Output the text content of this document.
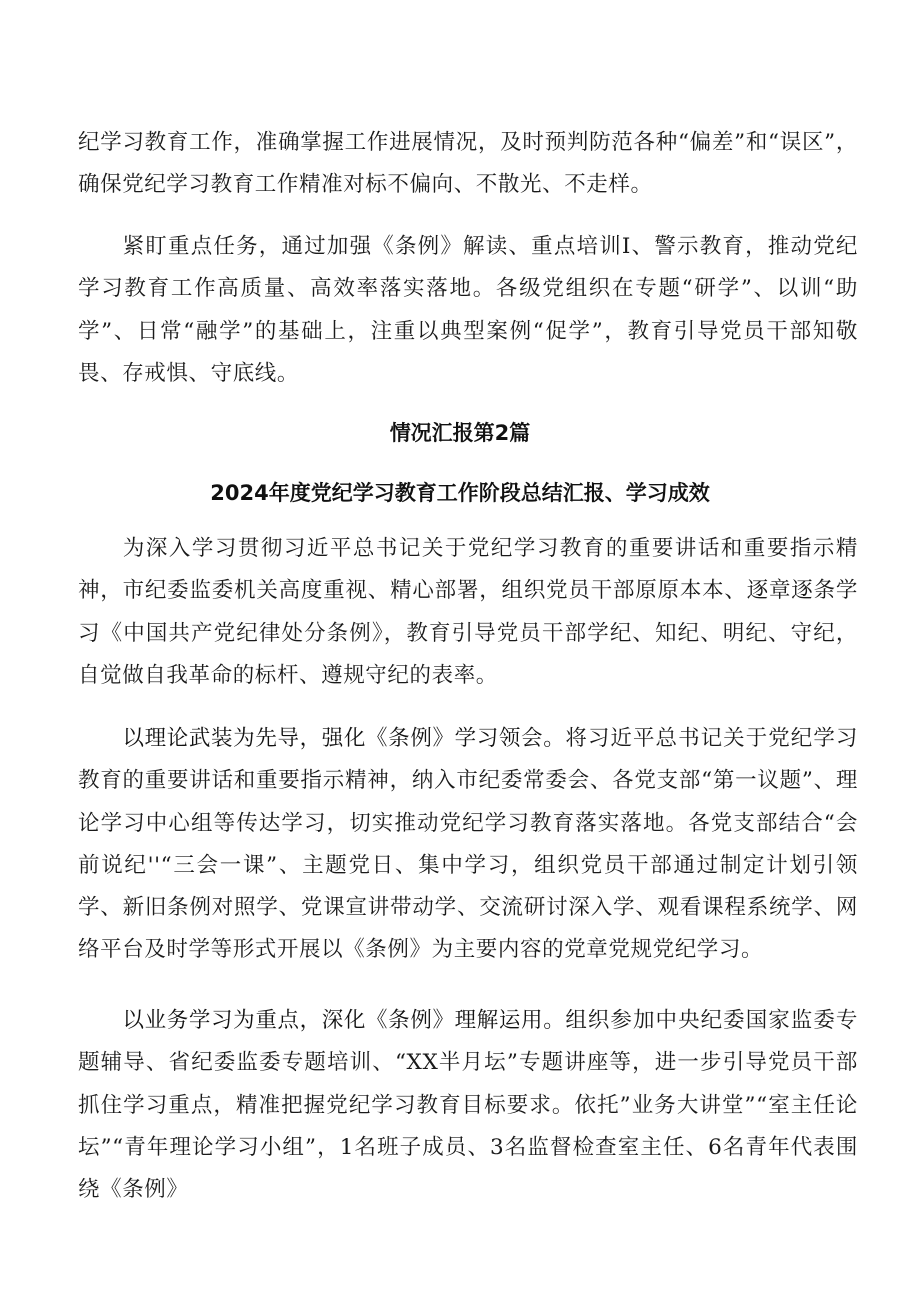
纪学习教育工作，准确掌握工作进展情况，及时预判防范各种“偏差”和“误区”，确保党纪学习教育工作精准对标不偏向、不散光、不走样。

紧盯重点任务，通过加强《条例》解读、重点培训I、警示教育，推动党纪学习教育工作高质量、高效率落实落地。各级党组织在专题“研学”、以训“助学”、日常“融学”的基础上，注重以典型案例“促学”，教育引导党员干部知敬畏、存戒惧、守底线。

情况汇报第2篇
2024年度党纪学习教育工作阶段总结汇报、学习成效

为深入学习贯彻习近平总书记关于党纪学习教育的重要讲话和重要指示精神，市纪委监委机关高度重视、精心部署，组织党员干部原原本本、逐章逐条学习《中国共产党纪律处分条例》，教育引导党员干部学纪、知纪、明纪、守纪，自觉做自我革命的标杆、遵规守纪的表率。

以理论武装为先导，强化《条例》学习领会。将习近平总书记关于党纪学习教育的重要讲话和重要指示精神，纳入市纪委常委会、各党支部“第一议题”、理论学习中心组等传达学习，切实推动党纪学习教育落实落地。各党支部结合“会前说纪''“三会一课”、主题党日、集中学习，组织党员干部通过制定计划引领学、新旧条例对照学、党课宣讲带动学、交流研讨深入学、观看课程系统学、网络平台及时学等形式开展以《条例》为主要内容的党章党规党纪学习。

以业务学习为重点，深化《条例》理解运用。组织参加中央纪委国家监委专题辅导、省纪委监委专题培训、“XX半月坛”专题讲座等，进一步引导党员干部抓住学习重点，精准把握党纪学习教育目标要求。依托”业务大讲堂”“室主任论坛”“青年理论学习小组”，1名班子成员、3名监督检查室主任、6名青年代表围绕《条例》
